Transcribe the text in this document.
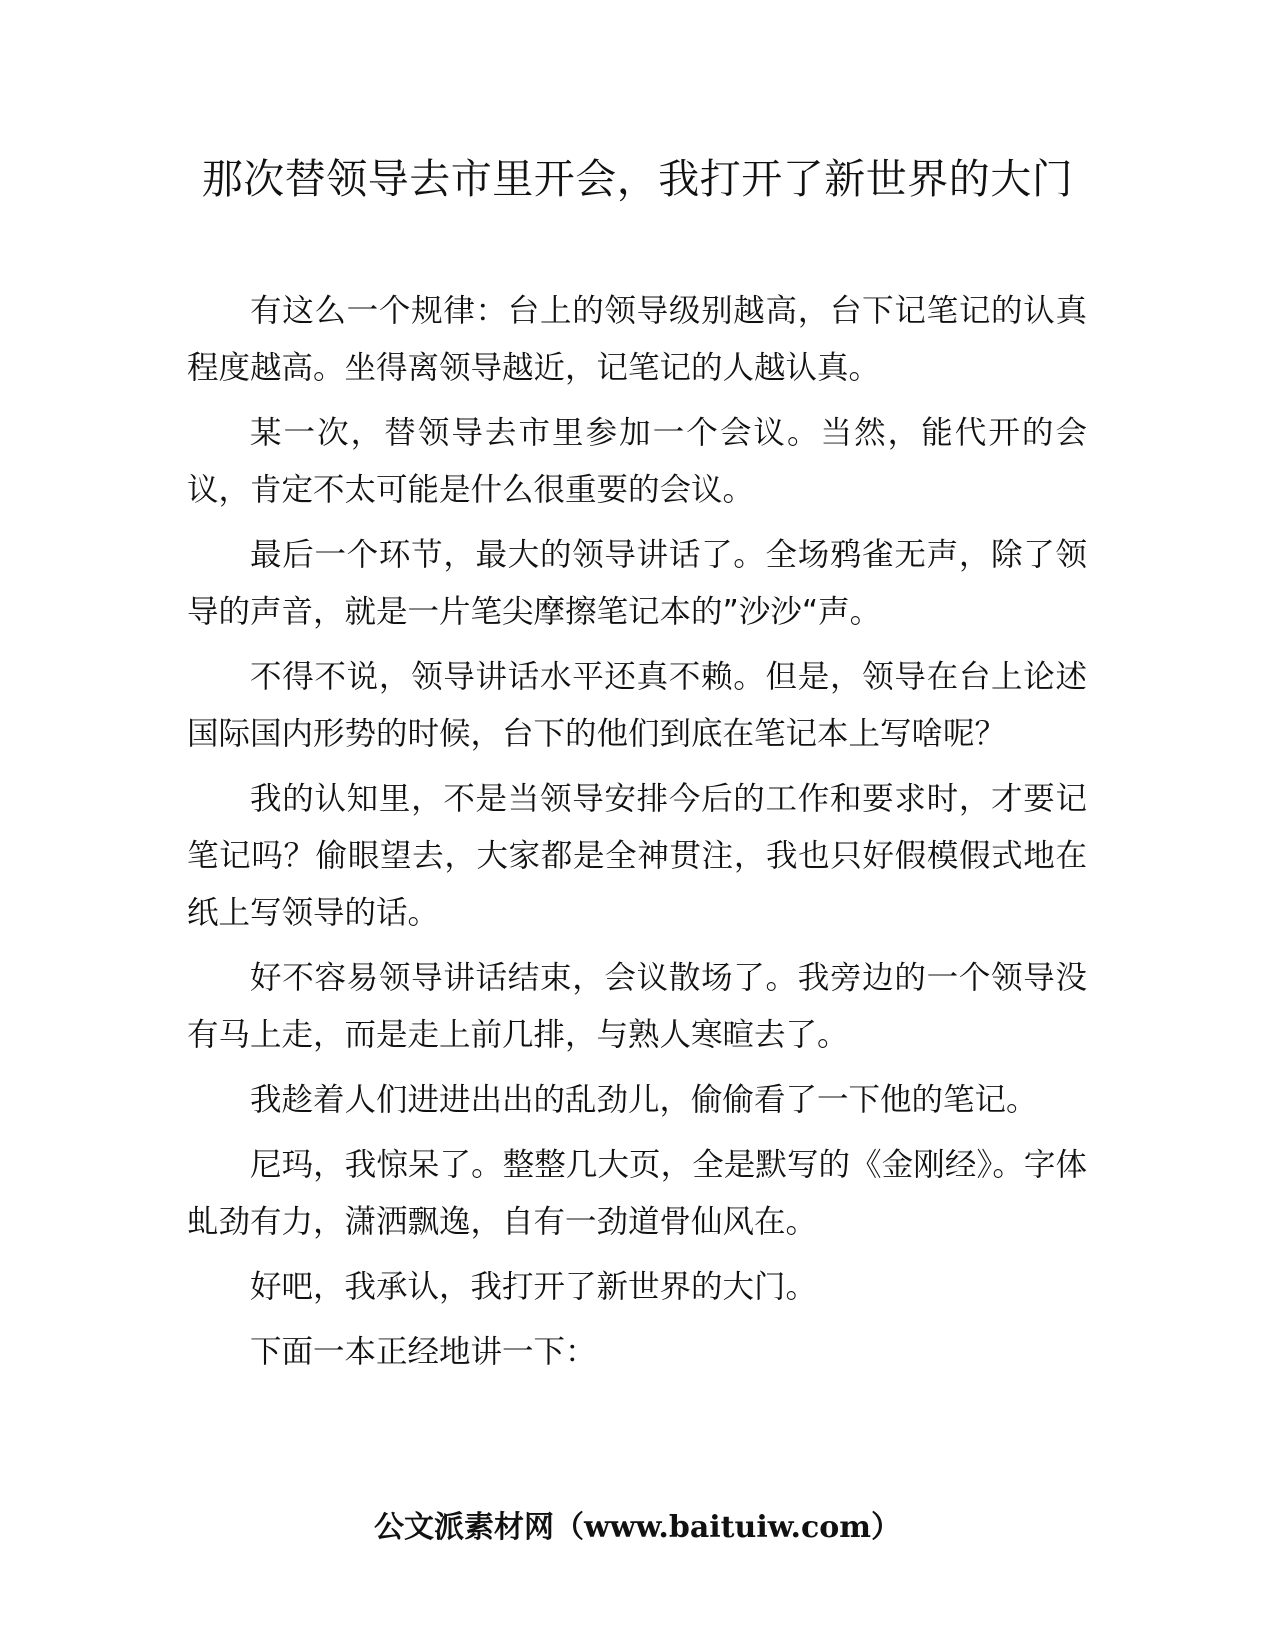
那次替领导去市里开会，我打开了新世界的大门

有这么一个规律：台上的领导级别越高，台下记笔记的认真程度越高。坐得离领导越近，记笔记的人越认真。

某一次，替领导去市里参加一个会议。当然，能代开的会议，肯定不太可能是什么很重要的会议。

最后一个环节，最大的领导讲话了。全场鸦雀无声，除了领导的声音，就是一片笔尖摩擦笔记本的”沙沙“声。

不得不说，领导讲话水平还真不赖。但是，领导在台上论述国际国内形势的时候，台下的他们到底在笔记本上写啥呢？

我的认知里，不是当领导安排今后的工作和要求时，才要记笔记吗？偷眼望去，大家都是全神贯注，我也只好假模假式地在纸上写领导的话。

好不容易领导讲话结束，会议散场了。我旁边的一个领导没有马上走，而是走上前几排，与熟人寒暄去了。

我趁着人们进进出出的乱劲儿，偷偷看了一下他的笔记。

尼玛，我惊呆了。整整几大页，全是默写的《金刚经》。字体虬劲有力，潇洒飘逸，自有一劲道骨仙风在。

好吧，我承认，我打开了新世界的大门。

下面一本正经地讲一下：

公文派素材网（www.baituiw.com）
